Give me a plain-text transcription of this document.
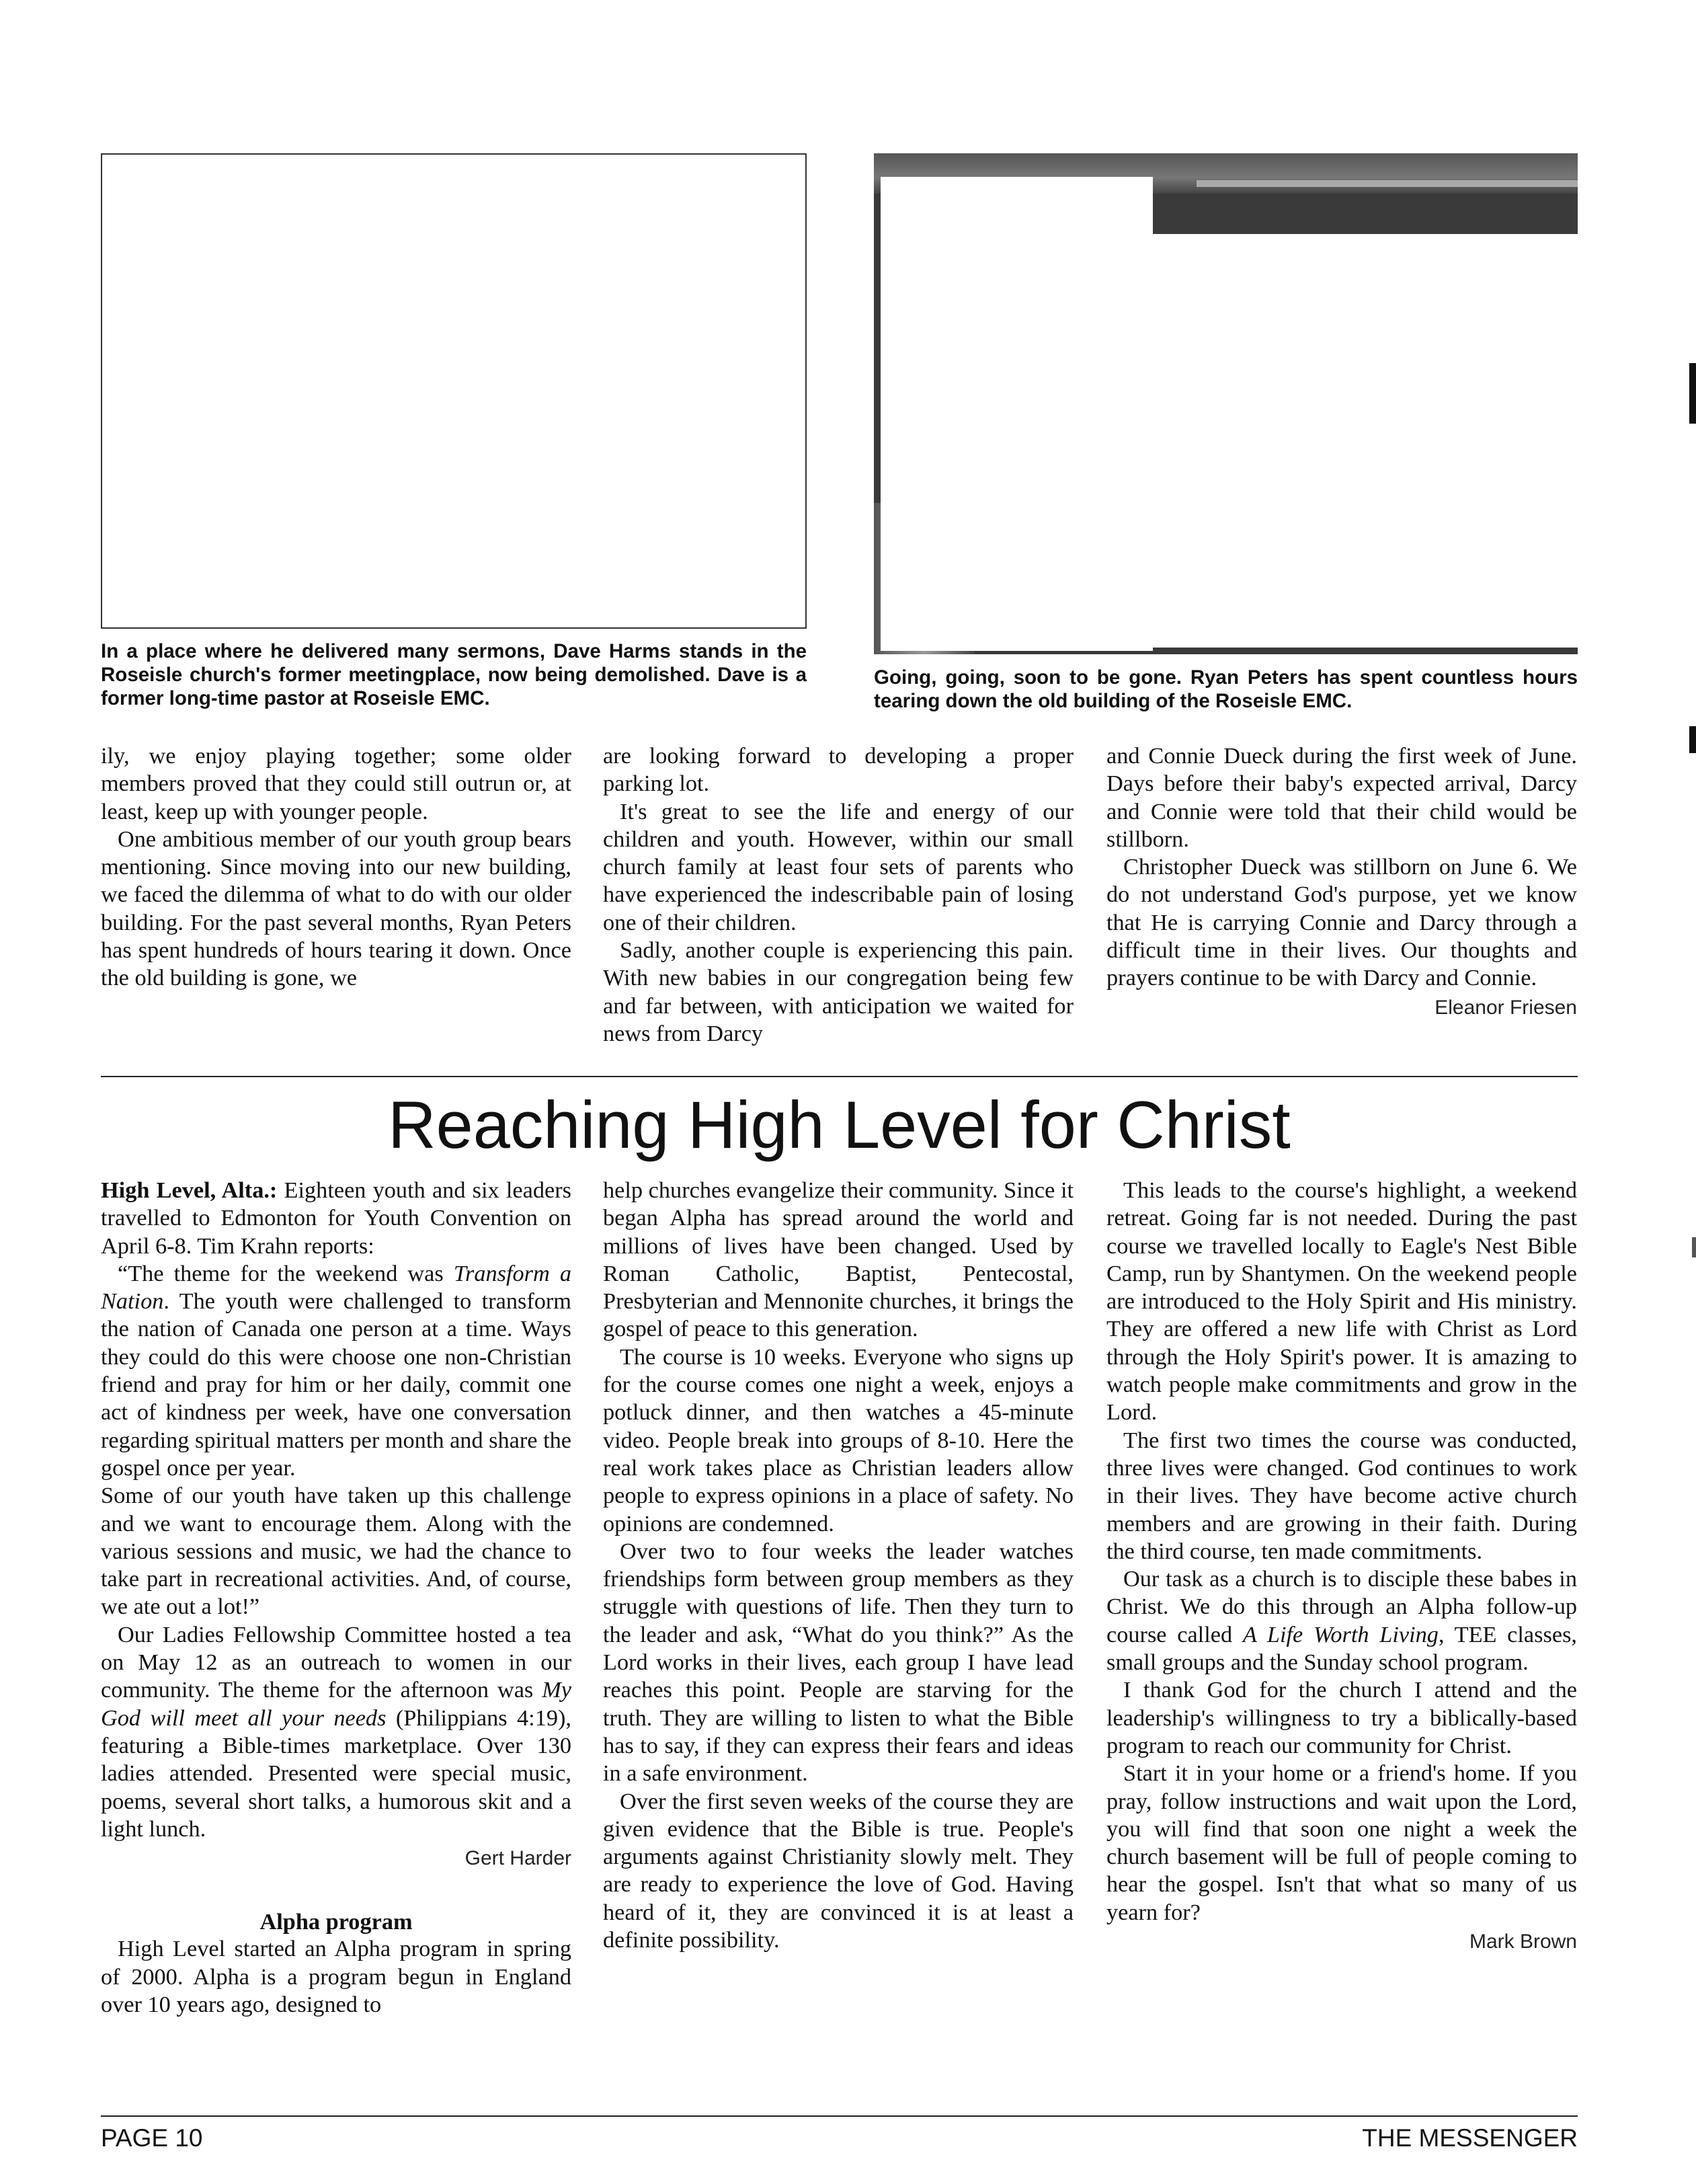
In a place where he delivered many sermons, Dave Harms stands in the Roseisle church's former meetingplace, now being demolished. Dave is a former long-time pastor at Roseisle EMC.

Going, going, soon to be gone. Ryan Peters has spent countless hours tearing down the old building of the Roseisle EMC.

ily, we enjoy playing together; some older members proved that they could still outrun or, at least, keep up with younger people.

One ambitious member of our youth group bears mentioning. Since moving into our new building, we faced the dilemma of what to do with our older building. For the past several months, Ryan Peters has spent hundreds of hours tearing it down. Once the old building is gone, we

are looking forward to developing a proper parking lot.

It's great to see the life and energy of our children and youth. However, within our small church family at least four sets of parents who have experienced the indescribable pain of losing one of their children.

Sadly, another couple is experiencing this pain. With new babies in our congregation being few and far between, with anticipation we waited for news from Darcy

and Connie Dueck during the first week of June. Days before their baby's expected arrival, Darcy and Connie were told that their child would be stillborn.

Christopher Dueck was stillborn on June 6. We do not understand God's purpose, yet we know that He is carrying Connie and Darcy through a difficult time in their lives. Our thoughts and prayers continue to be with Darcy and Connie.

Eleanor Friesen

Reaching High Level for Christ

High Level, Alta.: Eighteen youth and six leaders travelled to Edmonton for Youth Convention on April 6-8. Tim Krahn reports:

“The theme for the weekend was Transform a Nation. The youth were challenged to transform the nation of Canada one person at a time. Ways they could do this were choose one non-Christian friend and pray for him or her daily, commit one act of kindness per week, have one conversation regarding spiritual matters per month and share the gospel once per year.

Some of our youth have taken up this challenge and we want to encourage them. Along with the various sessions and music, we had the chance to take part in recreational activities. And, of course, we ate out a lot!”

Our Ladies Fellowship Committee hosted a tea on May 12 as an outreach to women in our community. The theme for the afternoon was My God will meet all your needs (Philippians 4:19), featuring a Bible-times marketplace. Over 130 ladies attended. Presented were special music, poems, several short talks, a humorous skit and a light lunch.

Gert Harder

Alpha program

High Level started an Alpha program in spring of 2000. Alpha is a program begun in England over 10 years ago, designed to

help churches evangelize their community. Since it began Alpha has spread around the world and millions of lives have been changed. Used by Roman Catholic, Baptist, Pentecostal, Presbyterian and Mennonite churches, it brings the gospel of peace to this generation.

The course is 10 weeks. Everyone who signs up for the course comes one night a week, enjoys a potluck dinner, and then watches a 45-minute video. People break into groups of 8-10. Here the real work takes place as Christian leaders allow people to express opinions in a place of safety. No opinions are condemned.

Over two to four weeks the leader watches friendships form between group members as they struggle with questions of life. Then they turn to the leader and ask, “What do you think?” As the Lord works in their lives, each group I have lead reaches this point. People are starving for the truth. They are willing to listen to what the Bible has to say, if they can express their fears and ideas in a safe environment.

Over the first seven weeks of the course they are given evidence that the Bible is true. People's arguments against Christianity slowly melt. They are ready to experience the love of God. Having heard of it, they are convinced it is at least a definite possibility.

This leads to the course's highlight, a weekend retreat. Going far is not needed. During the past course we travelled locally to Eagle's Nest Bible Camp, run by Shantymen. On the weekend people are introduced to the Holy Spirit and His ministry. They are offered a new life with Christ as Lord through the Holy Spirit's power. It is amazing to watch people make commitments and grow in the Lord.

The first two times the course was conducted, three lives were changed. God continues to work in their lives. They have become active church members and are growing in their faith. During the third course, ten made commitments.

Our task as a church is to disciple these babes in Christ. We do this through an Alpha follow-up course called A Life Worth Living, TEE classes, small groups and the Sunday school program.

I thank God for the church I attend and the leadership's willingness to try a biblically-based program to reach our community for Christ.

Start it in your home or a friend's home. If you pray, follow instructions and wait upon the Lord, you will find that soon one night a week the church basement will be full of people coming to hear the gospel. Isn't that what so many of us yearn for?

Mark Brown

PAGE 10	THE MESSENGER
